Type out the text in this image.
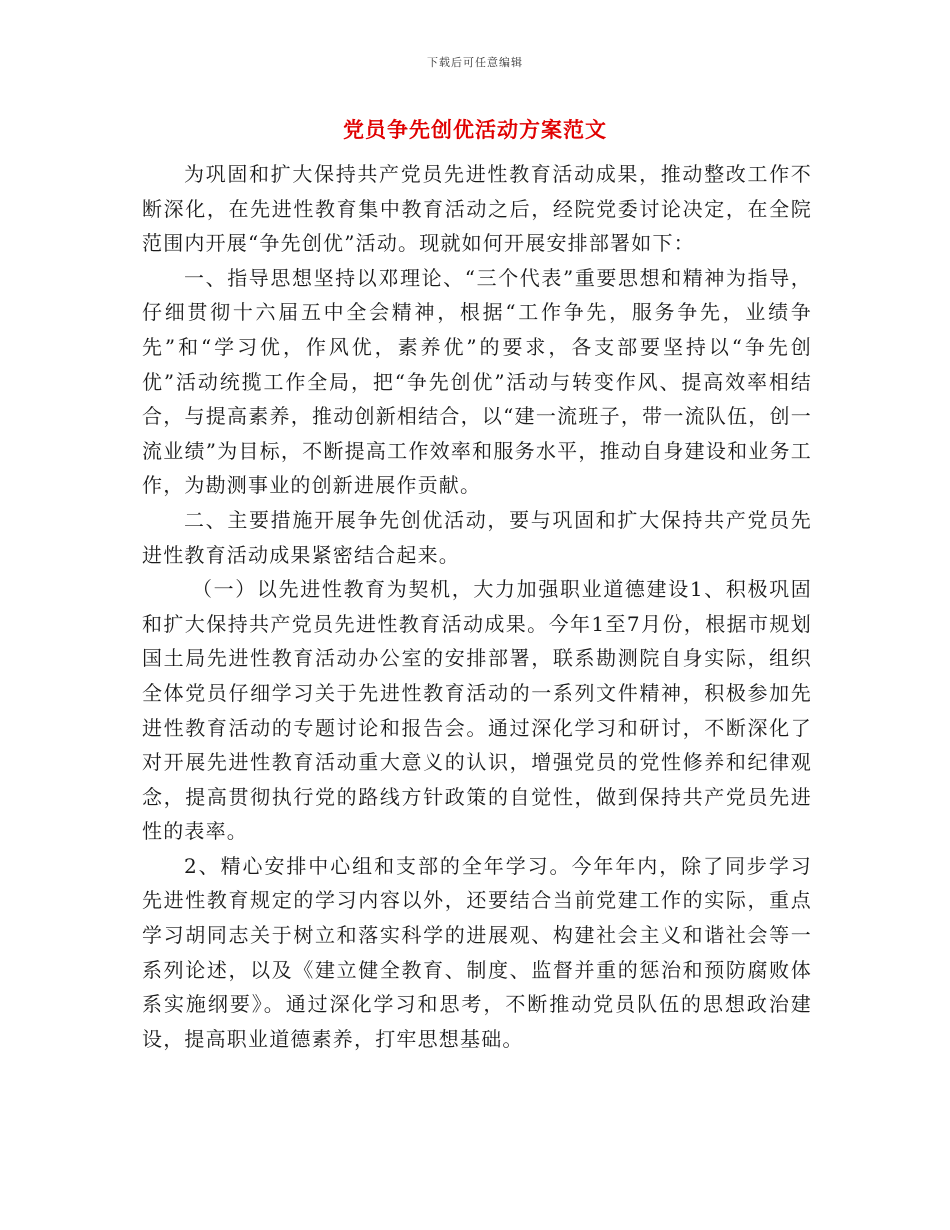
下载后可任意编辑
党员争先创优活动方案范文

为巩固和扩大保持共产党员先进性教育活动成果，推动整改工作不断深化，在先进性教育集中教育活动之后，经院党委讨论决定，在全院范围内开展“争先创优”活动。现就如何开展安排部署如下：

一、指导思想坚持以邓理论、“三个代表”重要思想和精神为指导，仔细贯彻十六届五中全会精神，根据“工作争先，服务争先，业绩争先”和“学习优，作风优，素养优”的要求，各支部要坚持以“争先创优”活动统揽工作全局，把“争先创优”活动与转变作风、提高效率相结合，与提高素养，推动创新相结合，以“建一流班子，带一流队伍，创一流业绩”为目标，不断提高工作效率和服务水平，推动自身建设和业务工作，为勘测事业的创新进展作贡献。

二、主要措施开展争先创优活动，要与巩固和扩大保持共产党员先进性教育活动成果紧密结合起来。

（一）以先进性教育为契机，大力加强职业道德建设1、积极巩固和扩大保持共产党员先进性教育活动成果。今年1至7月份，根据市规划国土局先进性教育活动办公室的安排部署，联系勘测院自身实际，组织全体党员仔细学习关于先进性教育活动的一系列文件精神，积极参加先进性教育活动的专题讨论和报告会。通过深化学习和研讨，不断深化了对开展先进性教育活动重大意义的认识，增强党员的党性修养和纪律观念，提高贯彻执行党的路线方针政策的自觉性，做到保持共产党员先进性的表率。

2、精心安排中心组和支部的全年学习。今年年内，除了同步学习先进性教育规定的学习内容以外，还要结合当前党建工作的实际，重点学习胡同志关于树立和落实科学的进展观、构建社会主义和谐社会等一系列论述，以及《建立健全教育、制度、监督并重的惩治和预防腐败体系实施纲要》。通过深化学习和思考，不断推动党员队伍的思想政治建设，提高职业道德素养，打牢思想基础。
